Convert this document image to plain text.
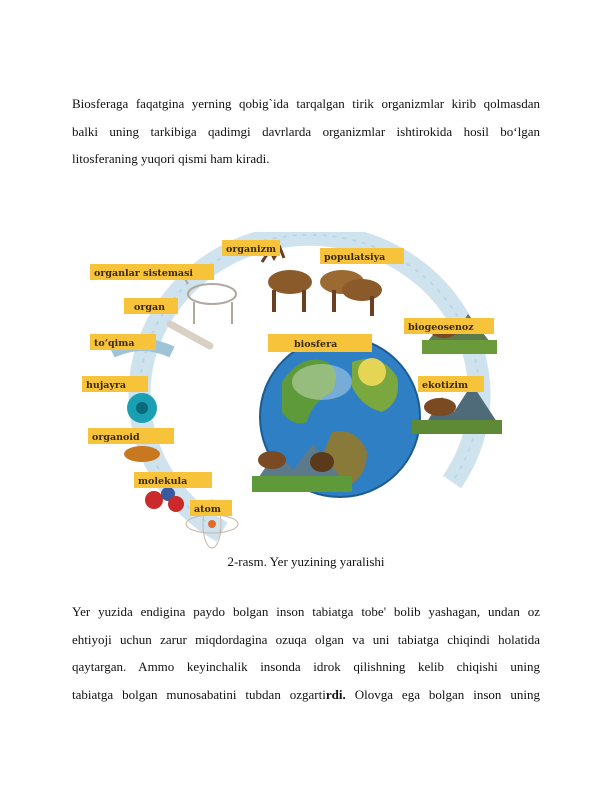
Biosferaga faqatgina yerning qobig`ida tarqalgan tirik organizmlar kirib qolmasdan
balki uning tarkibiga qadimgi davrlarda organizmlar ishtirokida hosil bo‘lgan
litosferaning yuqori qismi ham kiradi.
organizm
populatsiya
organlar sistemasi
organ
to‘qima
hujayra
organoid
molekula
atom
biosfera
biogeosenoz
ekotizim
2-rasm. Yer yuzining yaralishi
Yer yuzida endigina paydo bolgan inson tabiatga tobe' bolib yashagan, undan oz
ehtiyoji uchun zarur miqdordagina ozuqa olgan va uni tabiatga chiqindi holatida
qaytargan. Ammo keyinchalik insonda idrok qilishning kelib chiqishi uning
tabiatga bolgan munosabatini tubdan ozgartirdi. Olovga ega bolgan inson uning
